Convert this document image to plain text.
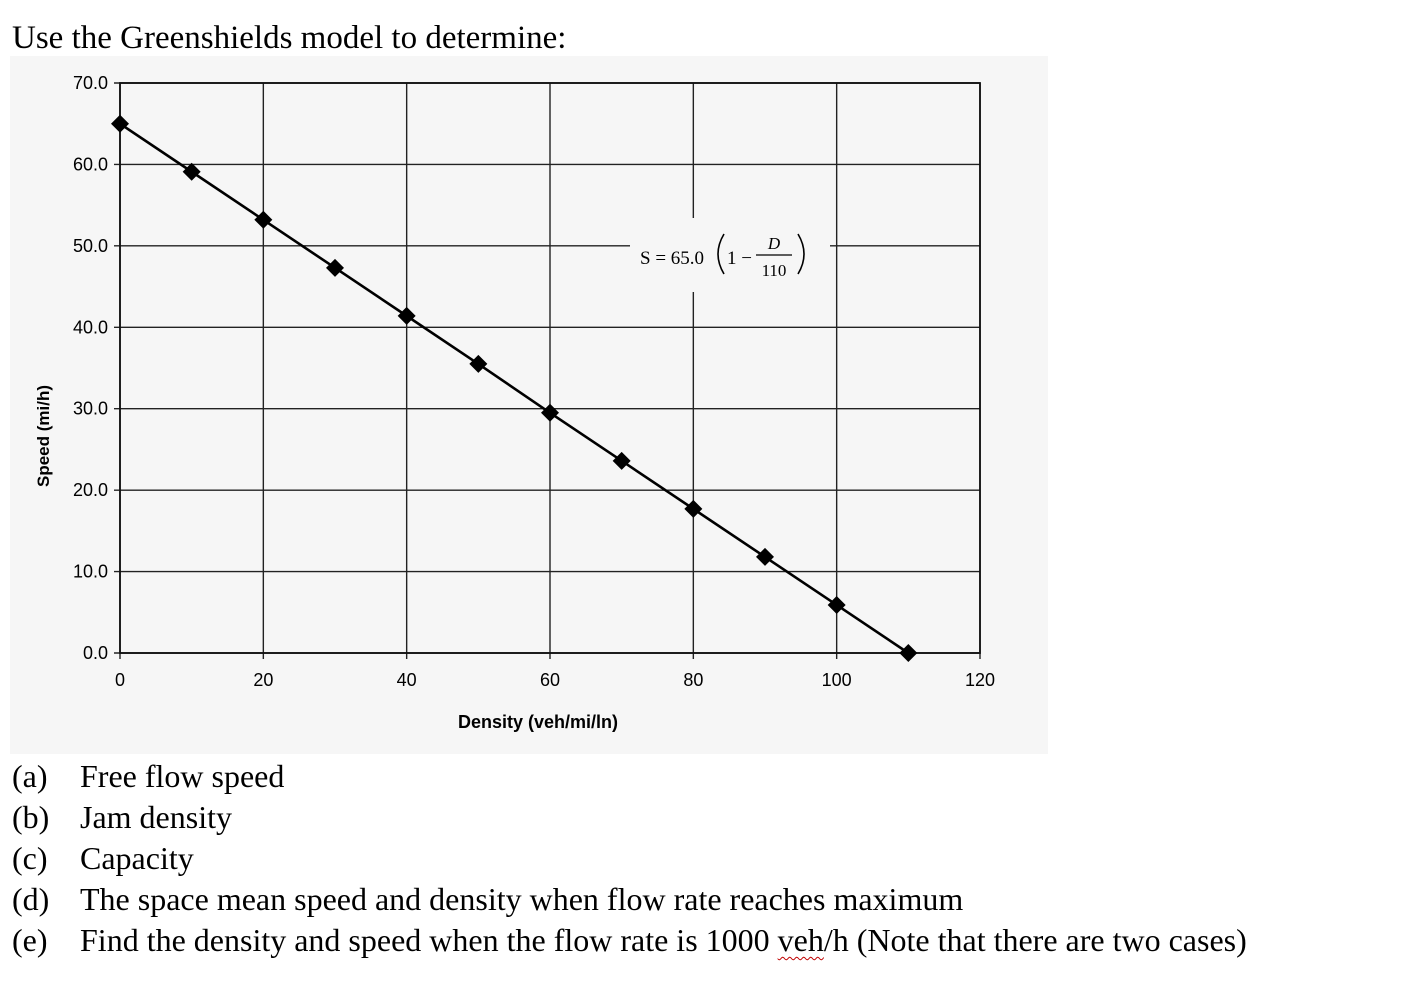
Use the Greenshields model to determine:
0.0
10.0
20.0
30.0
40.0
50.0
60.0
70.0
0	20	40	60	80	100	120
S = 65.0 1 −
D
110
Speed (mi/h)
Density (veh/mi/ln)
(a) Free flow speed
(b) Jam density
(c) Capacity
(d) The space mean speed and density when flow rate reaches maximum
(e) Find the density and speed when the flow rate is 1000 veh/h (Note that there are two cases)
